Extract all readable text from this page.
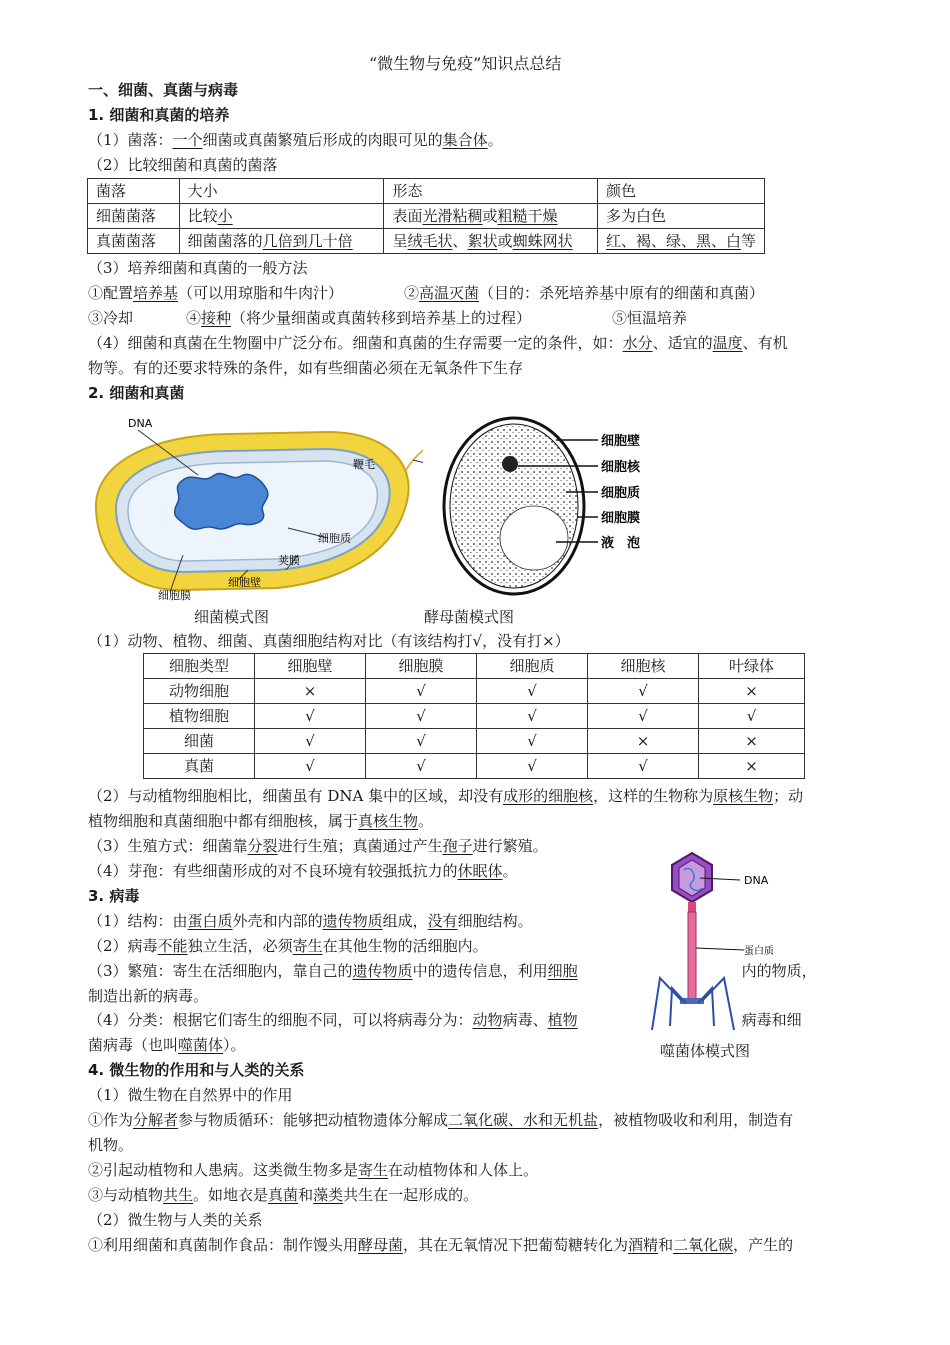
“微生物与免疫”知识点总结
一、细菌、真菌与病毒
1. 细菌和真菌的培养
（1）菌落：一个细菌或真菌繁殖后形成的肉眼可见的集合体。
（2）比较细菌和真菌的菌落
菌落	大小	形态	颜色
细菌菌落	比较小	表面光滑粘稠或粗糙干燥	多为白色
真菌菌落	细菌菌落的几倍到几十倍	呈绒毛状、絮状或蜘蛛网状	红、褐、绿、黑、白等
（3）培养细菌和真菌的一般方法
①配置培养基（可以用琼脂和牛肉汁）	②高温灭菌（目的：杀死培养基中原有的细菌和真菌）
③冷却	④接种（将少量细菌或真菌转移到培养基上的过程）	⑤恒温培养
（4）细菌和真菌在生物圈中广泛分布。细菌和真菌的生存需要一定的条件，如：水分、适宜的温度、有机
物等。有的还要求特殊的条件，如有些细菌必须在无氧条件下生存
2. 细菌和真菌
DNA
鞭毛
细胞质
荚膜
细胞壁
细胞膜
细胞壁
细胞核
细胞质
细胞膜
液　泡
细菌模式图	酵母菌模式图
（1）动物、植物、细菌、真菌细胞结构对比（有该结构打√，没有打×）
细胞类型	细胞壁	细胞膜	细胞质	细胞核	叶绿体
动物细胞	×	√	√	√	×
植物细胞	√	√	√	√	√
细菌	√	√	√	×	×
真菌	√	√	√	√	×
（2）与动植物细胞相比，细菌虽有 DNA 集中的区域，却没有成形的细胞核，这样的生物称为原核生物；动
植物细胞和真菌细胞中都有细胞核，属于真核生物。
（3）生殖方式：细菌靠分裂进行生殖；真菌通过产生孢子进行繁殖。
（4）芽孢：有些细菌形成的对不良环境有较强抵抗力的休眠体。
3. 病毒
（1）结构：由蛋白质外壳和内部的遗传物质组成，没有细胞结构。
（2）病毒不能独立生活，必须寄生在其他生物的活细胞内。
（3）繁殖：寄生在活细胞内，靠自己的遗传物质中的遗传信息，利用细胞	内的物质，
制造出新的病毒。
（4）分类：根据它们寄生的细胞不同，可以将病毒分为：动物病毒、植物	病毒和细
菌病毒（也叫噬菌体）。
DNA
蛋白质
噬菌体模式图
4. 微生物的作用和与人类的关系
（1）微生物在自然界中的作用
①作为分解者参与物质循环：能够把动植物遗体分解成二氧化碳、水和无机盐，被植物吸收和利用，制造有
机物。
②引起动植物和人患病。这类微生物多是寄生在动植物体和人体上。
③与动植物共生。如地衣是真菌和藻类共生在一起形成的。
（2）微生物与人类的关系
①利用细菌和真菌制作食品：制作馒头用酵母菌，其在无氧情况下把葡萄糖转化为酒精和二氧化碳，产生的
